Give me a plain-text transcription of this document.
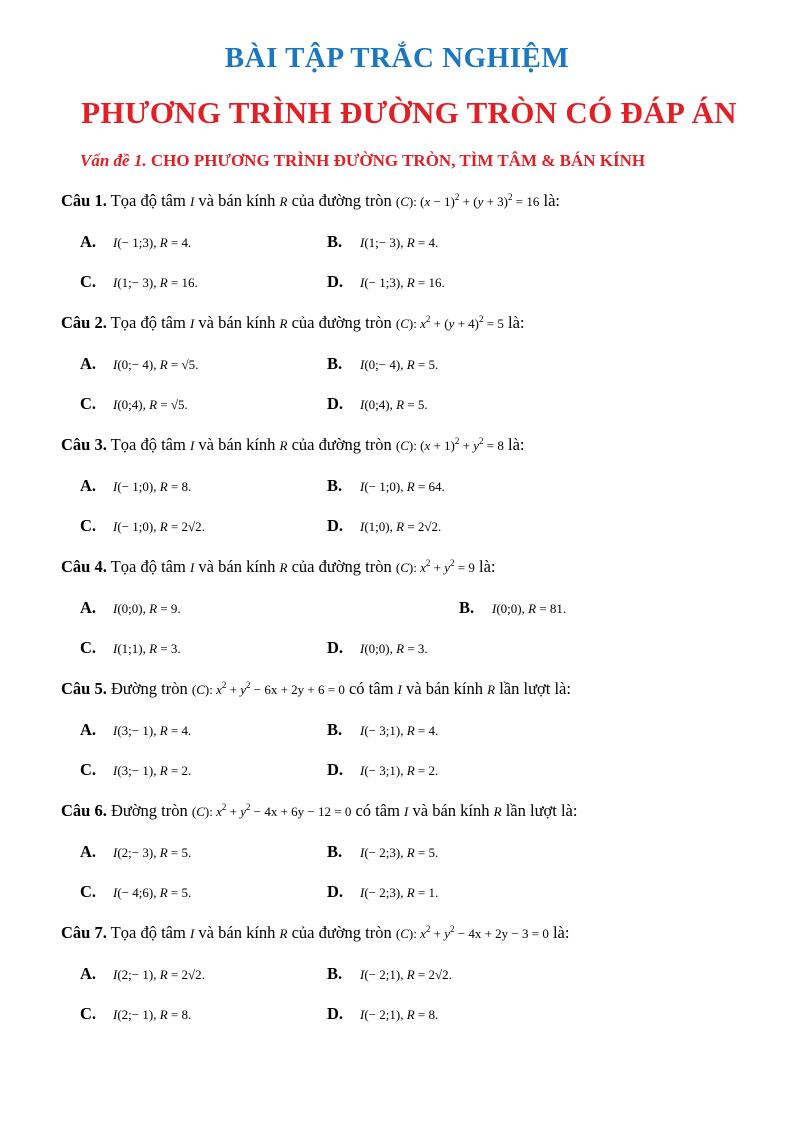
BÀI TẬP TRẮC NGHIỆM
PHƯƠNG TRÌNH ĐƯỜNG TRÒN CÓ ĐÁP ÁN
Vấn đề 1. CHO PHƯƠNG TRÌNH ĐƯỜNG TRÒN, TÌM TÂM & BÁN KÍNH
Câu 1. Tọa độ tâm I và bán kính R của đường tròn (C): $(x - 1)^2 + (y + 3)^2 = 16$ là:
A. I(− 1;3), R = 4.	B. I(1;− 3), R = 4.
C. I(1;− 3), R = 16.	D. I(− 1;3), R = 16.
Câu 2. Tọa độ tâm I và bán kính R của đường tròn (C): $x^2 + (y + 4)^2 = 5$ là:
A. I(0;− 4), R = √5.	B. I(0;− 4), R = 5.
C. I(0;4), R = √5.	D. I(0;4), R = 5.
Câu 3. Tọa độ tâm I và bán kính R của đường tròn (C): $(x + 1)^2 + y^2 = 8$ là:
A. I(− 1;0), R = 8.	B. I(− 1;0), R = 64.
C. I(− 1;0), R = 2√2.	D. I(1;0), R = 2√2.
Câu 4. Tọa độ tâm I và bán kính R của đường tròn (C): $x^2 + y^2 = 9$ là:
A. I(0;0), R = 9.	B. I(0;0), R = 81.
C. I(1;1), R = 3.	D. I(0;0), R = 3.
Câu 5. Đường tròn (C): $x^2 + y^2 - 6x + 2y + 6 = 0$ có tâm I và bán kính R lần lượt là:
A. I(3;− 1), R = 4.	B. I(− 3;1), R = 4.
C. I(3;− 1), R = 2.	D. I(− 3;1), R = 2.
Câu 6. Đường tròn (C): $x^2 + y^2 - 4x + 6y - 12 = 0$ có tâm I và bán kính R lần lượt là:
A. I(2;− 3), R = 5.	B. I(− 2;3), R = 5.
C. I(− 4;6), R = 5.	D. I(− 2;3), R = 1.
Câu 7. Tọa độ tâm I và bán kính R của đường tròn (C): $x^2 + y^2 - 4x + 2y - 3 = 0$ là:
A. I(2;− 1), R = 2√2.	B. I(− 2;1), R = 2√2.
C. I(2;− 1), R = 8.	D. I(− 2;1), R = 8.
